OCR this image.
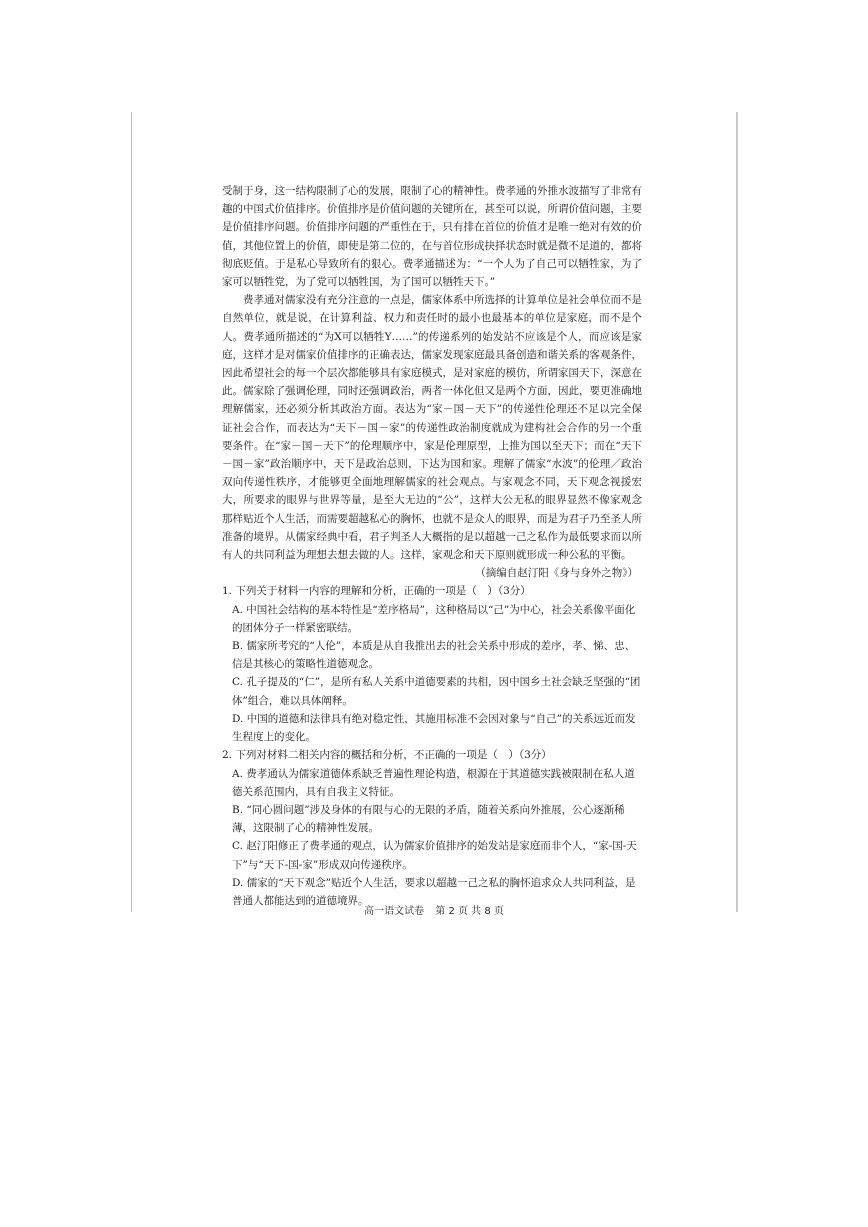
受制于身，这一结构限制了心的发展，限制了心的精神性。费孝通的外推水波描写了非常有趣的中国式价值排序。价值排序是价值问题的关键所在，甚至可以说，所谓价值问题，主要是价值排序问题。价值排序问题的严重性在于，只有排在首位的价值才是唯一绝对有效的价值，其他位置上的价值，即使是第二位的，在与首位形成抉择状态时就是微不足道的，都将彻底贬值。于是私心导致所有的狠心。费孝通描述为：“一个人为了自己可以牺牲家，为了家可以牺牲党，为了党可以牺牲国，为了国可以牺牲天下。”

费孝通对儒家没有充分注意的一点是，儒家体系中所选择的计算单位是社会单位而不是自然单位，就是说，在计算利益、权力和责任时的最小也最基本的单位是家庭，而不是个人。费孝通所描述的“为X可以牺牲Y……”的传递系列的始发站不应该是个人，而应该是家庭，这样才是对儒家价值排序的正确表达，儒家发现家庭最具备创造和谐关系的客观条件，因此希望社会的每一个层次都能够具有家庭模式，是对家庭的模仿，所谓家国天下，深意在此。儒家除了强调伦理，同时还强调政治，两者一体化但又是两个方面，因此，要更准确地理解儒家，还必须分析其政治方面。表达为“家－国－天下”的传递性伦理还不足以完全保证社会合作，而表达为“天下－国－家”的传递性政治制度就成为建构社会合作的另一个重要条件。在“家－国－天下”的伦理顺序中，家是伦理原型，上推为国以至天下；而在“天下－国－家”政治顺序中，天下是政治总则，下达为国和家。理解了儒家“水波”的伦理／政治双向传递性秩序，才能够更全面地理解儒家的社会观点。与家观念不同，天下观念视援宏大，所要求的眼界与世界等量，是至大无边的“公”，这样大公无私的眼界显然不像家观念那样贴近个人生活，而需要超越私心的胸怀，也就不是众人的眼界，而是为君子乃至圣人所准备的境界。从儒家经典中看，君子判圣人大概指的是以超越一己之私作为最低要求而以所有人的共同利益为理想去想去做的人。这样，家观念和天下原则就形成一种公私的平衡。

（摘编自赵汀阳《身与身外之物》）

1. 下列关于材料一内容的理解和分析，正确的一项是（　）（3分）

A. 中国社会结构的基本特性是“差序格局”，这种格局以“己”为中心，社会关系像平面化的团体分子一样紧密联结。

B. 儒家所考究的“人伦”，本质是从自我推出去的社会关系中形成的差序，孝、悌、忠、信是其核心的策略性道德观念。

C. 孔子提及的“仁”，是所有私人关系中道德要素的共相，因中国乡土社会缺乏坚强的“团体”组合，难以具体阐释。

D. 中国的道德和法律具有绝对稳定性，其施用标准不会因对象与“自己”的关系远近而发生程度上的变化。

2. 下列对材料二相关内容的概括和分析，不正确的一项是（　）（3分）

A. 费孝通认为儒家道德体系缺乏普遍性理论构造，根源在于其道德实践被限制在私人道德关系范围内，具有自我主义特征。

B. “同心圆问题”涉及身体的有限与心的无限的矛盾，随着关系向外推展，公心逐渐稀薄，这限制了心的精神性发展。

C. 赵汀阳修正了费孝通的观点，认为儒家价值排序的始发站是家庭而非个人，“家-国-天下”与“天下-国-家”形成双向传递秩序。

D. 儒家的“天下观念”贴近个人生活，要求以超越一己之私的胸怀追求众人共同利益，是普通人都能达到的道德境界。

高一语文试卷 第 2 页 共 8 页
